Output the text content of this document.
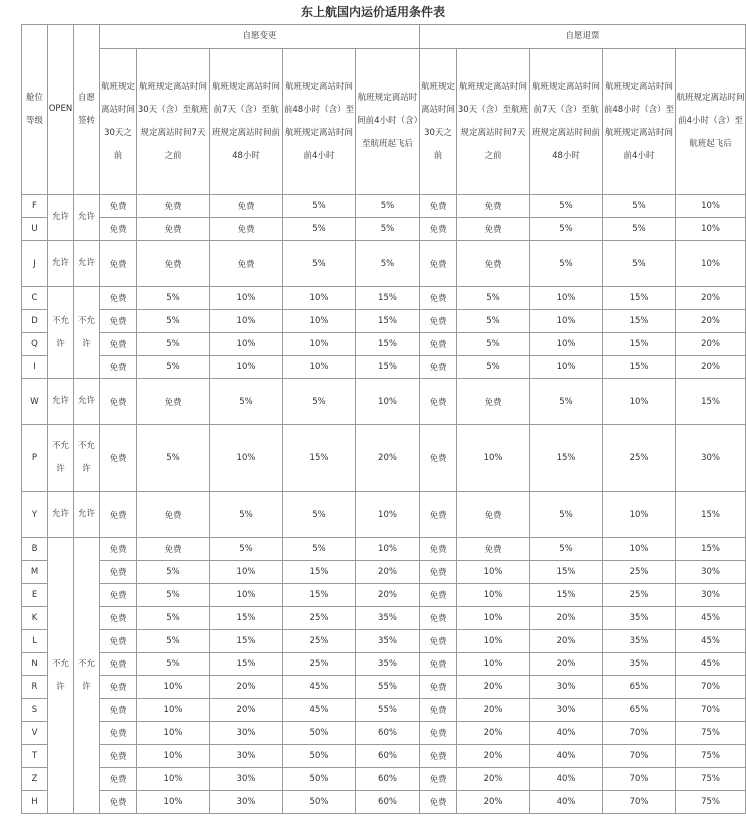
东上航国内运价适用条件表
舱位等级	OPEN	自愿签转	自愿变更					自愿退票				
			航班规定离站时间30天之前	航班规定离站时间30天（含）至航班规定离站时间7天之前	航班规定离站时间前7天（含）至航班规定离站时间前48小时	航班规定离站时间前48小时（含）至航班规定离站时间前4小时	航班规定离站时间前4小时（含）至航班起飞后	航班规定离站时间30天之前	航班规定离站时间30天（含）至航班规定离站时间7天之前	航班规定离站时间前7天（含）至航班规定离站时间前48小时	航班规定离站时间前48小时（含）至航班规定离站时间前4小时	航班规定离站时间前4小时（含）至航班起飞后
F	允许	允许	免费	免费	免费	5%	5%	免费	免费	5%	5%	10%
U			免费	免费	免费	5%	5%	免费	免费	5%	5%	10%
J	允许	允许	免费	免费	免费	5%	5%	免费	免费	5%	5%	10%
C	不允许	不允许	免费	5%	10%	10%	15%	免费	5%	10%	15%	20%
D			免费	5%	10%	10%	15%	免费	5%	10%	15%	20%
Q			免费	5%	10%	10%	15%	免费	5%	10%	15%	20%
I			免费	5%	10%	10%	15%	免费	5%	10%	15%	20%
W	允许	允许	免费	免费	5%	5%	10%	免费	免费	5%	10%	15%
P	不允许	不允许	免费	5%	10%	15%	20%	免费	10%	15%	25%	30%
Y	允许	允许	免费	免费	5%	5%	10%	免费	免费	5%	10%	15%
B	不允许	不允许	免费	免费	5%	5%	10%	免费	免费	5%	10%	15%
M			免费	5%	10%	15%	20%	免费	10%	15%	25%	30%
E			免费	5%	10%	15%	20%	免费	10%	15%	25%	30%
K			免费	5%	15%	25%	35%	免费	10%	20%	35%	45%
L			免费	5%	15%	25%	35%	免费	10%	20%	35%	45%
N			免费	5%	15%	25%	35%	免费	10%	20%	35%	45%
R			免费	10%	20%	45%	55%	免费	20%	30%	65%	70%
S			免费	10%	20%	45%	55%	免费	20%	30%	65%	70%
V			免费	10%	30%	50%	60%	免费	20%	40%	70%	75%
T			免费	10%	30%	50%	60%	免费	20%	40%	70%	75%
Z			免费	10%	30%	50%	60%	免费	20%	40%	70%	75%
H			免费	10%	30%	50%	60%	免费	20%	40%	70%	75%
